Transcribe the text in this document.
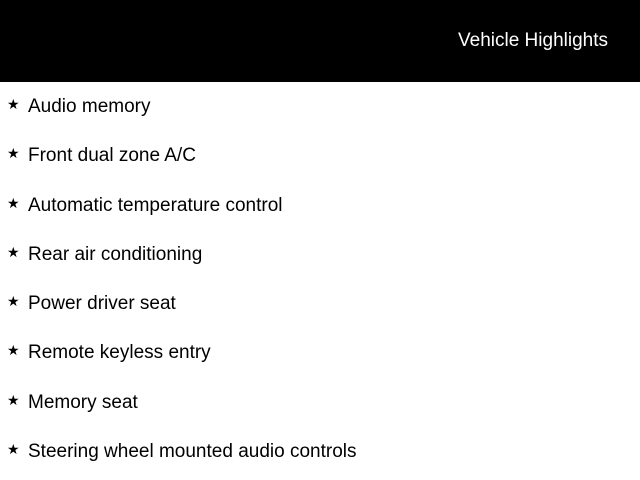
Vehicle Highlights
★ Audio memory
★ Front dual zone A/C
★ Automatic temperature control
★ Rear air conditioning
★ Power driver seat
★ Remote keyless entry
★ Memory seat
★ Steering wheel mounted audio controls
